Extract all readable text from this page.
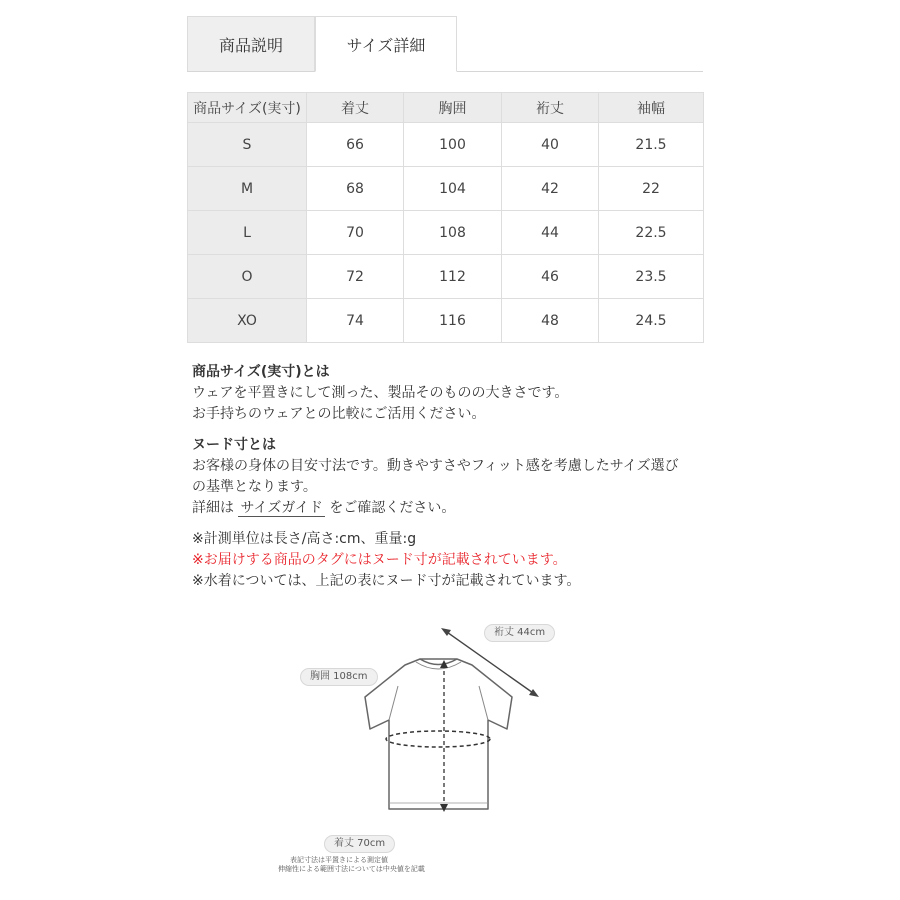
商品説明	サイズ詳細
商品サイズ(実寸)	着丈	胸囲	裄丈	袖幅
S	66	100	40	21.5
M	68	104	42	22
L	70	108	44	22.5
O	72	112	46	23.5
XO	74	116	48	24.5

商品サイズ(実寸)とは

ウェアを平置きにして測った、製品そのものの大きさです。

お手持ちのウェアとの比較にご活用ください。

ヌード寸とは

お客様の身体の目安寸法です。動きやすさやフィット感を考慮したサイズ選び

の基準となります。

詳細は サイズガイド をご確認ください。

※計測単位は長さ/高さ:cm、重量:g

※お届けする商品のタグにはヌード寸が記載されています。

※水着については、上記の表にヌード寸が記載されています。

裄丈 44cm
胸囲 108cm
着丈 70cm
表記寸法は平置きによる測定値
伸縮性による範囲寸法については中央値を記載
